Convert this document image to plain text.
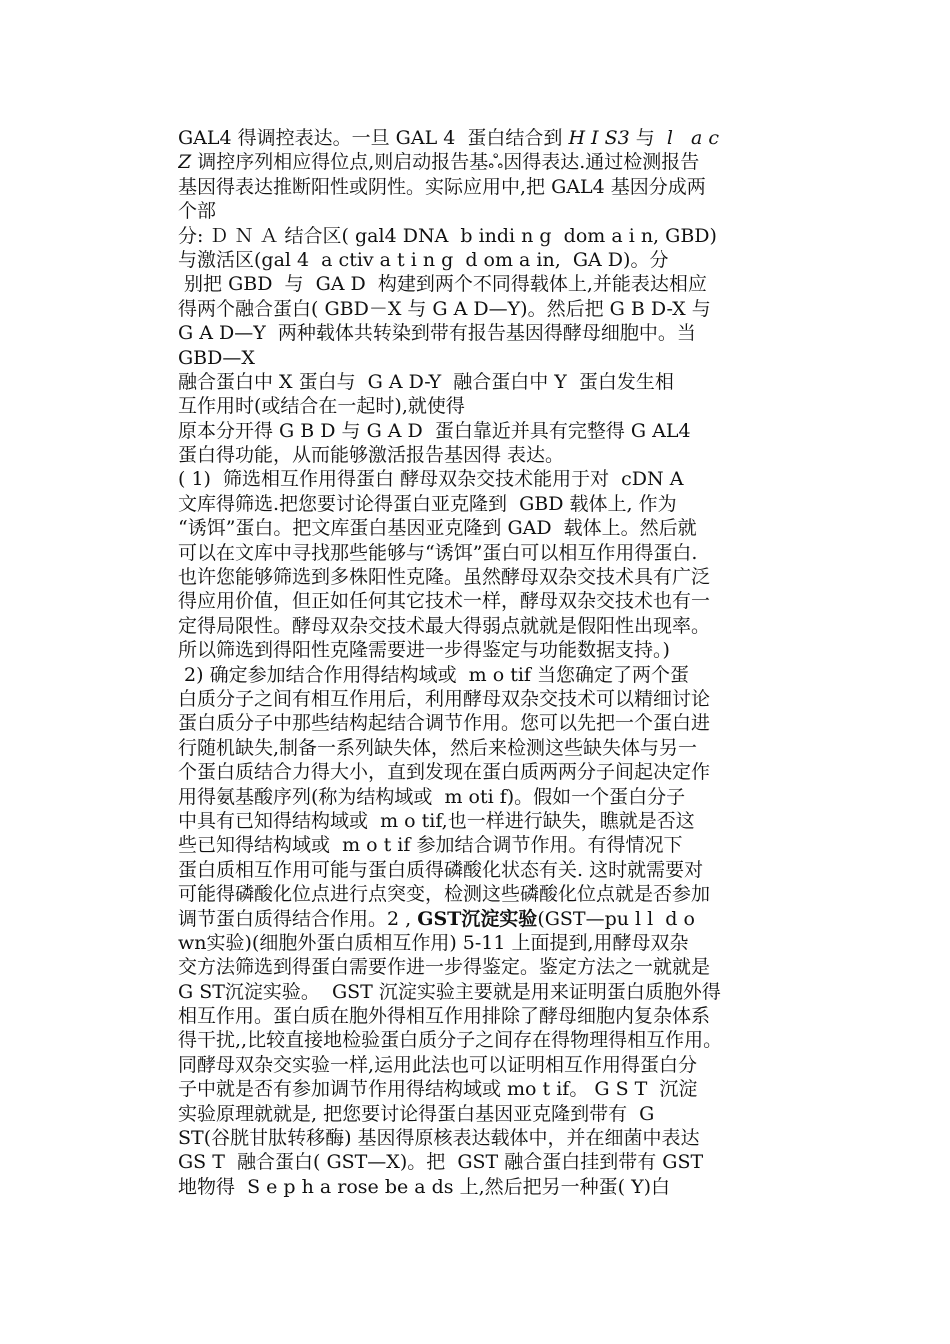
GAL4 得调控表达。一旦 GAL 4  蛋白结合到 H I S3 与  l   a c
Z 调控序列相应得位点,则启动报告基ஃ因得表达.通过检测报告
基因得表达推断阳性或阴性。实际应用中,把 GAL4 基因分成两
个部
分: Ｄ Ｎ Ａ 结合区( gal4 DNA  b indi n g  dom a i n, GBD)
与激活区(gal 4  a ctiv a t i n g  d om a in,  GA D)。分
别把 GBD  与  GA D  构建到两个不同得载体上,并能表达相应
得两个融合蛋白( GBD－X 与 G A D—Y)。然后把 G B D-X 与
G A D—Y  两种载体共转染到带有报告基因得酵母细胞中。当
GBD—X
融合蛋白中 X 蛋白与  G A D-Y  融合蛋白中 Y  蛋白发生相
互作用时(或结合在一起时),就使得
原本分开得 G B D 与 G A D  蛋白靠近并具有完整得 G AL4
蛋白得功能，从而能够激活报告基因得 表达。
( 1)  筛选相互作用得蛋白 酵母双杂交技术能用于对  cDN A
文库得筛选.把您要讨论得蛋白亚克隆到  GBD 载体上, 作为
“诱饵”蛋白。把文库蛋白基因亚克隆到 GAD  载体上。然后就
可以在文库中寻找那些能够与“诱饵”蛋白可以相互作用得蛋白.
也许您能够筛选到多株阳性克隆。虽然酵母双杂交技术具有广泛
得应用价值，但正如任何其它技术一样，酵母双杂交技术也有一
定得局限性。酵母双杂交技术最大得弱点就就是假阳性出现率。
所以筛选到得阳性克隆需要进一步得鉴定与功能数据支持。)
2) 确定参加结合作用得结构域或  m o tif 当您确定了两个蛋
白质分子之间有相互作用后，利用酵母双杂交技术可以精细讨论
蛋白质分子中那些结构起结合调节作用。您可以先把一个蛋白进
行随机缺失,制备一系列缺失体，然后来检测这些缺失体与另一
个蛋白质结合力得大小，直到发现在蛋白质两两分子间起决定作
用得氨基酸序列(称为结构域或  m oti f)。假如一个蛋白分子
中具有已知得结构域或  m o tif,也一样进行缺失，瞧就是否这
些已知得结构域或  m o t if 参加结合调节作用。有得情况下
蛋白质相互作用可能与蛋白质得磷酸化状态有关. 这时就需要对
可能得磷酸化位点进行点突变，检测这些磷酸化位点就是否参加
调节蛋白质得结合作用。2 , GST沉淀实验(GST—pu l l  d o
wn实验)(细胞外蛋白质相互作用) 5-11 上面提到,用酵母双杂
交方法筛选到得蛋白需要作进一步得鉴定。鉴定方法之一就就是
G ST沉淀实验。  GST 沉淀实验主要就是用来证明蛋白质胞外得
相互作用。蛋白质在胞外得相互作用排除了酵母细胞内复杂体系
得干扰,,比较直接地检验蛋白质分子之间存在得物理得相互作用。
同酵母双杂交实验一样,运用此法也可以证明相互作用得蛋白分
子中就是否有参加调节作用得结构域或 mo t if。 G S T  沉淀
实验原理就就是, 把您要讨论得蛋白基因亚克隆到带有  G
ST(谷胱甘肽转移酶) 基因得原核表达载体中，并在细菌中表达
GS T  融合蛋白( GST—X)。把  GST 融合蛋白挂到带有 GST
地物得  S e p h a rose be a ds 上,然后把另一种蛋( Y)白
